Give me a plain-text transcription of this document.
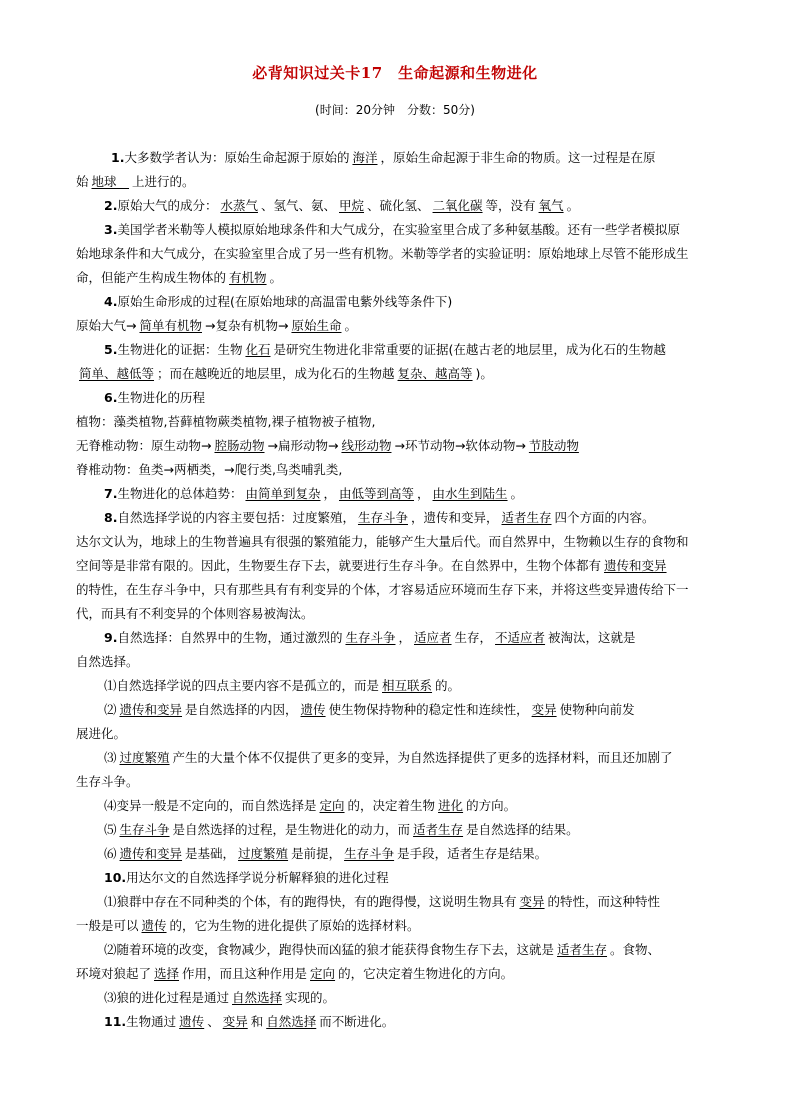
必背知识过关卡17　生命起源和生物进化
(时间：20分钟　分数：50分)
1.大多数学者认为：原始生命起源于原始的 海洋 ，原始生命起源于非生命的物质。这一过程是在原
始 地球　上进行的。
2.原始大气的成分： 水蒸气 、氢气、氨、 甲烷 、硫化氢、 二氧化碳 等，没有 氧气 。
3.美国学者米勒等人模拟原始地球条件和大气成分，在实验室里合成了多种氨基酸。还有一些学者模拟原
始地球条件和大气成分，在实验室里合成了另一些有机物。米勒等学者的实验证明：原始地球上尽管不能形成生
命，但能产生构成生物体的 有机物 。
4.原始生命形成的过程(在原始地球的高温雷电紫外线等条件下)
原始大气→ 简单有机物 →复杂有机物→ 原始生命 。
5.生物进化的证据：生物 化石 是研究生物进化非常重要的证据(在越古老的地层里，成为化石的生物越
简单、越低等 ；而在越晚近的地层里，成为化石的生物越 复杂、越高等 )。
6.生物进化的历程
植物：藻类植物,苔藓植物蕨类植物,裸子植物被子植物,
无脊椎动物：原生动物→ 腔肠动物 →扁形动物→ 线形动物 →环节动物→软体动物→ 节肢动物
脊椎动物：鱼类→两栖类，→爬行类,鸟类哺乳类,
7.生物进化的总体趋势： 由简单到复杂 ， 由低等到高等 ， 由水生到陆生 。
8.自然选择学说的内容主要包括：过度繁殖， 生存斗争 ，遗传和变异， 适者生存 四个方面的内容。
达尔文认为，地球上的生物普遍具有很强的繁殖能力，能够产生大量后代。而自然界中，生物赖以生存的食物和
空间等是非常有限的。因此，生物要生存下去，就要进行生存斗争。在自然界中，生物个体都有 遗传和变异
的特性，在生存斗争中，只有那些具有有利变异的个体，才容易适应环境而生存下来，并将这些变异遗传给下一
代，而具有不利变异的个体则容易被淘汰。
9.自然选择：自然界中的生物，通过激烈的 生存斗争 ， 适应者 生存， 不适应者 被淘汰，这就是
自然选择。
⑴自然选择学说的四点主要内容不是孤立的，而是 相互联系 的。
⑵ 遗传和变异 是自然选择的内因， 遗传 使生物保持物种的稳定性和连续性， 变异 使物种向前发
展进化。
⑶ 过度繁殖 产生的大量个体不仅提供了更多的变异，为自然选择提供了更多的选择材料，而且还加剧了
生存斗争。
⑷变异一般是不定向的，而自然选择是 定向 的，决定着生物 进化 的方向。
⑸ 生存斗争 是自然选择的过程，是生物进化的动力，而 适者生存 是自然选择的结果。
⑹ 遗传和变异 是基础， 过度繁殖 是前提， 生存斗争 是手段，适者生存是结果。
10.用达尔文的自然选择学说分析解释狼的进化过程
⑴狼群中存在不同种类的个体，有的跑得快，有的跑得慢，这说明生物具有 变异 的特性，而这种特性
一般是可以 遗传 的，它为生物的进化提供了原始的选择材料。
⑵随着环境的改变，食物减少，跑得快而凶猛的狼才能获得食物生存下去，这就是 适者生存 。食物、
环境对狼起了 选择 作用，而且这种作用是 定向 的，它决定着生物进化的方向。
⑶狼的进化过程是通过 自然选择 实现的。
11.生物通过 遗传 、 变异 和 自然选择 而不断进化。
